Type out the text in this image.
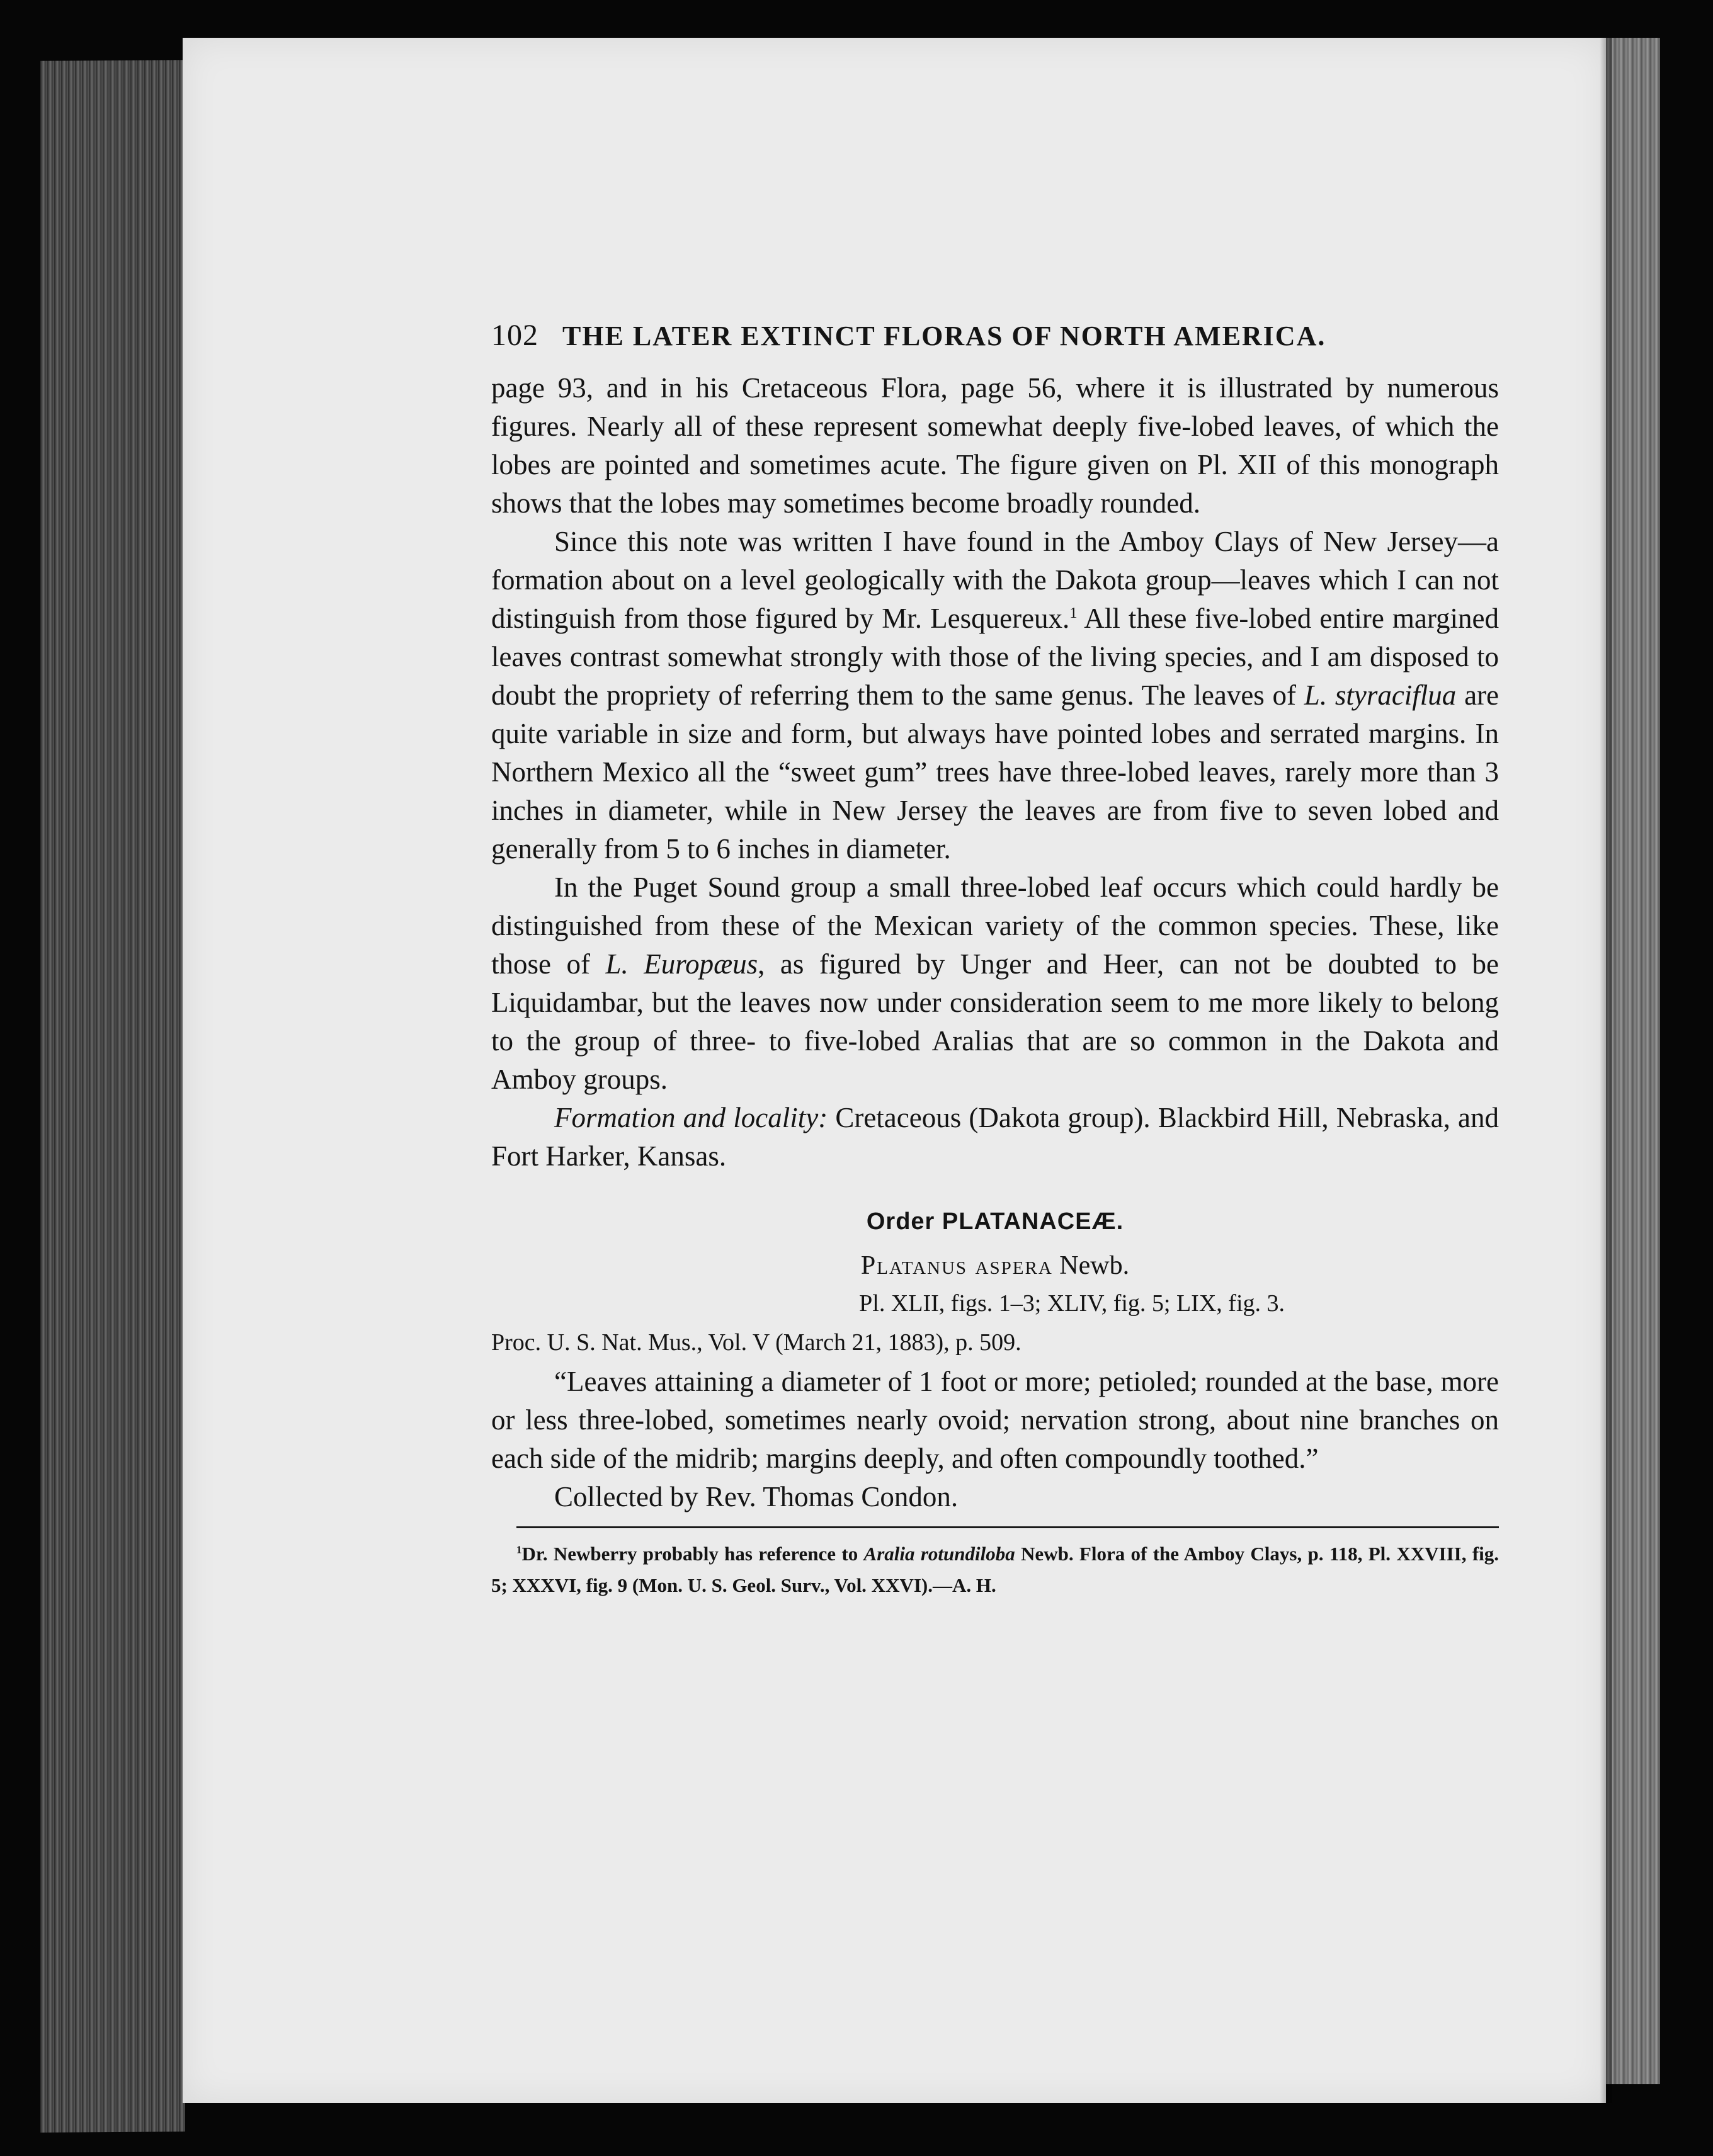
102 THE LATER EXTINCT FLORAS OF NORTH AMERICA.

page 93, and in his Cretaceous Flora, page 56, where it is illustrated by numerous figures. Nearly all of these represent somewhat deeply five-lobed leaves, of which the lobes are pointed and sometimes acute. The figure given on Pl. XII of this monograph shows that the lobes may sometimes become broadly rounded.

Since this note was written I have found in the Amboy Clays of New Jersey—a formation about on a level geologically with the Dakota group—leaves which I can not distinguish from those figured by Mr. Lesquereux.$^1$ All these five-lobed entire margined leaves contrast somewhat strongly with those of the living species, and I am disposed to doubt the propriety of referring them to the same genus. The leaves of L. styraciflua are quite variable in size and form, but always have pointed lobes and serrated margins. In Northern Mexico all the “sweet gum” trees have three-lobed leaves, rarely more than 3 inches in diameter, while in New Jersey the leaves are from five to seven lobed and generally from 5 to 6 inches in diameter.

In the Puget Sound group a small three-lobed leaf occurs which could hardly be distinguished from these of the Mexican variety of the common species. These, like those of L. Europæus, as figured by Unger and Heer, can not be doubted to be Liquidambar, but the leaves now under consideration seem to me more likely to belong to the group of three- to five-lobed Aralias that are so common in the Dakota and Amboy groups.

Formation and locality: Cretaceous (Dakota group). Blackbird Hill, Nebraska, and Fort Harker, Kansas.

Order PLATANACEÆ.
Platanus aspera Newb.
Pl. XLII, figs. 1–3; XLIV, fig. 5; LIX, fig. 3.
Proc. U. S. Nat. Mus., Vol. V (March 21, 1883), p. 509.

“Leaves attaining a diameter of 1 foot or more; petioled; rounded at the base, more or less three-lobed, sometimes nearly ovoid; nervation strong, about nine branches on each side of the midrib; margins deeply, and often compoundly toothed.”

Collected by Rev. Thomas Condon.

$^1$Dr. Newberry probably has reference to Aralia rotundiloba Newb. Flora of the Amboy Clays, p. 118, Pl. XXVIII, fig. 5; XXXVI, fig. 9 (Mon. U. S. Geol. Surv., Vol. XXVI).—A. H.
